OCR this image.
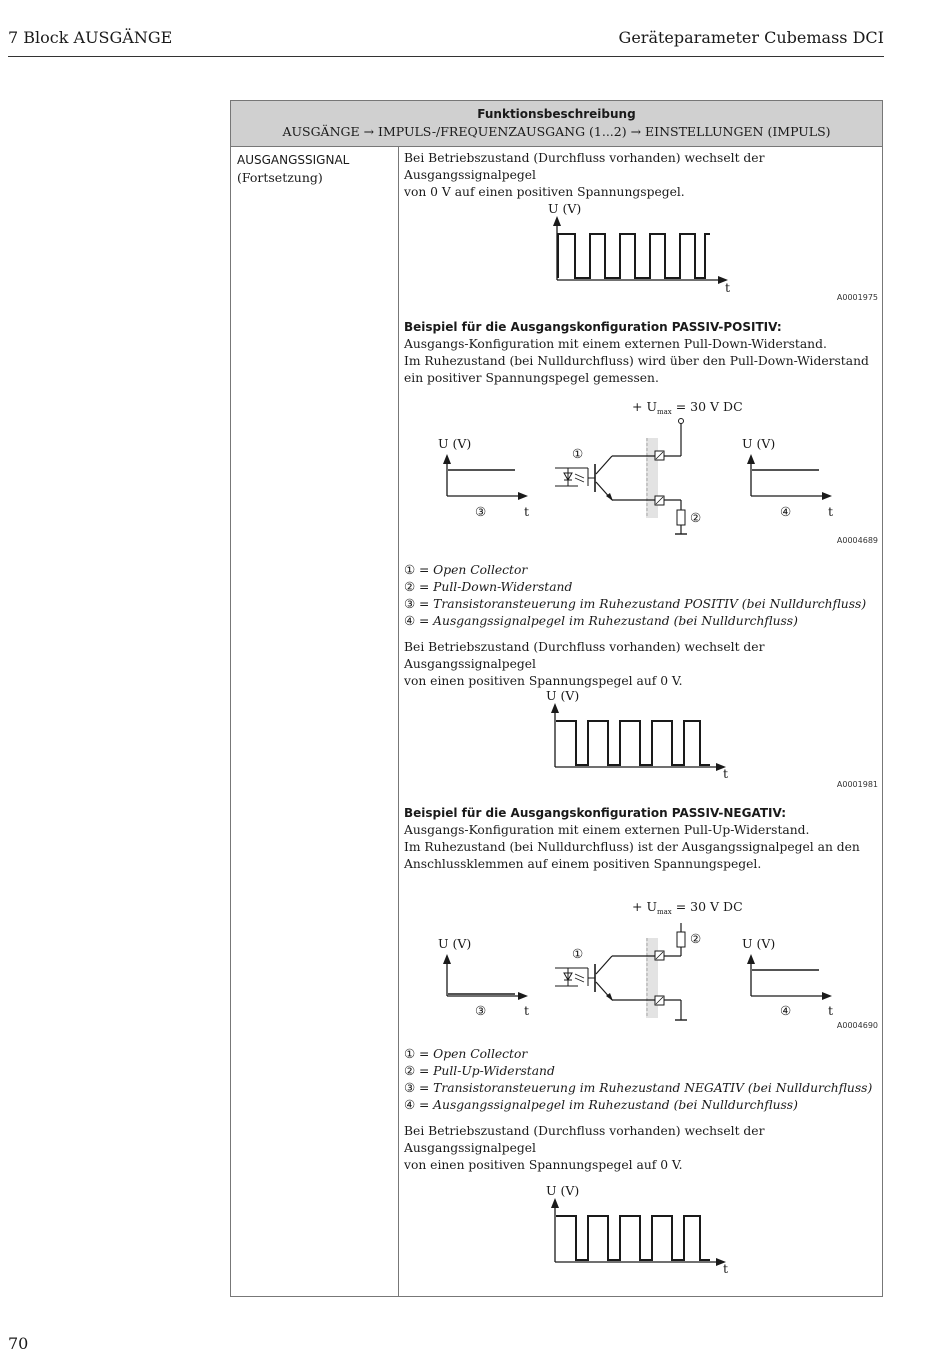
7 Block AUSGÄNGE	Geräteparameter Cubemass DCI
Funktionsbeschreibung
AUSGÄNGE → IMPULS-/FREQUENZAUSGANG (1...2) → EINSTELLUNGEN (IMPULS)
AUSGANGSSIGNAL
(Fortsetzung)
Bei Betriebszustand (Durchfluss vorhanden) wechselt der Ausgangssignalpegel
von 0 V auf einen positiven Spannungspegel.
U (V)
t
A0001975
Beispiel für die Ausgangskonfiguration PASSIV-POSITIV:
Ausgangs-Konfiguration mit einem externen Pull-Down-Widerstand.
Im Ruhezustand (bei Nulldurchfluss) wird über den Pull-Down-Widerstand
ein positiver Spannungspegel gemessen.
+ $U_{max} = 30$ V DC
U (V)
③	t
①
②
U (V)
④	t
A0004689
① = Open Collector
② = Pull-Down-Widerstand
③ = Transistoransteuerung im Ruhezustand POSITIV (bei Nulldurchfluss)
④ = Ausgangssignalpegel im Ruhezustand (bei Nulldurchfluss)
Bei Betriebszustand (Durchfluss vorhanden) wechselt der Ausgangssignalpegel
von einen positiven Spannungspegel auf 0 V.
U (V)
t
A0001981
Beispiel für die Ausgangskonfiguration PASSIV-NEGATIV:
Ausgangs-Konfiguration mit einem externen Pull-Up-Widerstand.
Im Ruhezustand (bei Nulldurchfluss) ist der Ausgangssignalpegel an den
Anschlussklemmen auf einem positiven Spannungspegel.
+ $U_{max} = 30$ V DC
U (V)
③	t
①
②	U (V)
④	t
A0004690
① = Open Collector
② = Pull-Up-Widerstand
③ = Transistoransteuerung im Ruhezustand NEGATIV (bei Nulldurchfluss)
④ = Ausgangssignalpegel im Ruhezustand (bei Nulldurchfluss)
Bei Betriebszustand (Durchfluss vorhanden) wechselt der Ausgangssignalpegel
von einen positiven Spannungspegel auf 0 V.
U (V)
t
70
